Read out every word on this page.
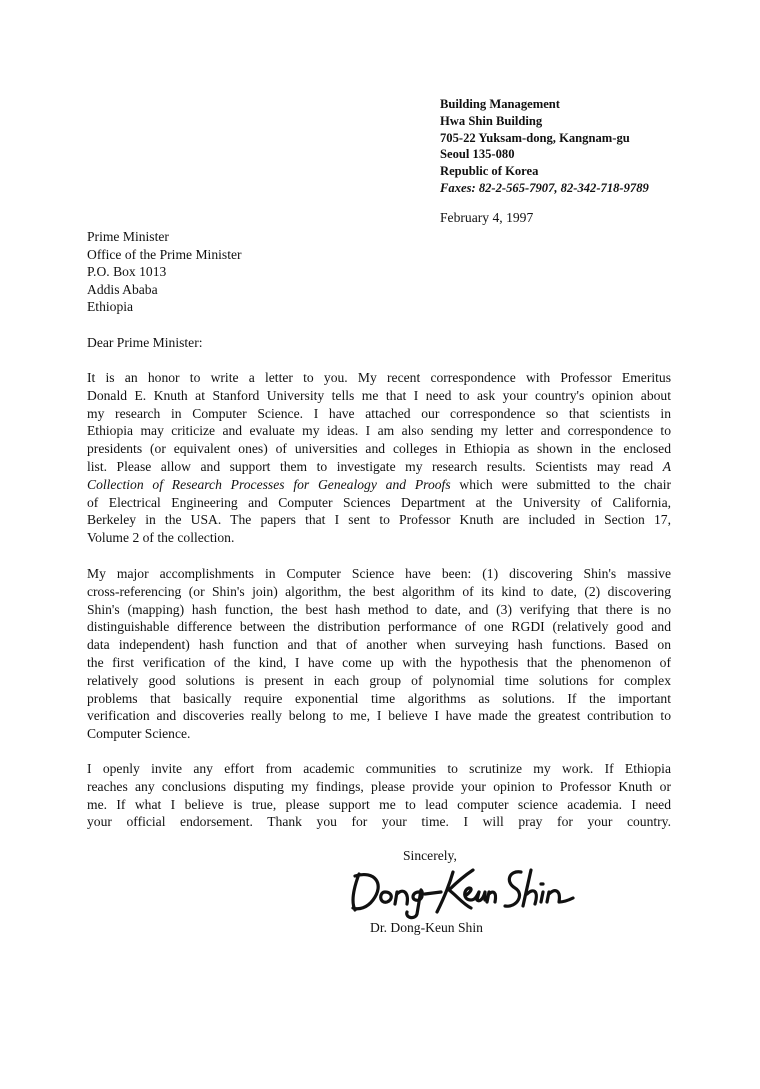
Building Management
Hwa Shin Building
705-22 Yuksam-dong, Kangnam-gu
Seoul 135-080
Republic of Korea
Faxes: 82-2-565-7907, 82-342-718-9789
February 4, 1997
Prime Minister
Office of the Prime Minister
P.O. Box 1013
Addis Ababa
Ethiopia
Dear Prime Minister:
It is an honor to write a letter to you. My recent correspondence with Professor Emeritus
Donald E. Knuth at Stanford University tells me that I need to ask your country's opinion about
my research in Computer Science. I have attached our correspondence so that scientists in
Ethiopia may criticize and evaluate my ideas. I am also sending my letter and correspondence to
presidents (or equivalent ones) of universities and colleges in Ethiopia as shown in the enclosed
list. Please allow and support them to investigate my research results. Scientists may read A
Collection of Research Processes for Genealogy and Proofs which were submitted to the chair
of Electrical Engineering and Computer Sciences Department at the University of California,
Berkeley in the USA. The papers that I sent to Professor Knuth are included in Section 17,
Volume 2 of the collection.
My major accomplishments in Computer Science have been: (1) discovering Shin's massive
cross-referencing (or Shin's join) algorithm, the best algorithm of its kind to date, (2) discovering
Shin's (mapping) hash function, the best hash method to date, and (3) verifying that there is no
distinguishable difference between the distribution performance of one RGDI (relatively good and
data independent) hash function and that of another when surveying hash functions. Based on
the first verification of the kind, I have come up with the hypothesis that the phenomenon of
relatively good solutions is present in each group of polynomial time solutions for complex
problems that basically require exponential time algorithms as solutions. If the important
verification and discoveries really belong to me, I believe I have made the greatest contribution to
Computer Science.
I openly invite any effort from academic communities to scrutinize my work. If Ethiopia
reaches any conclusions disputing my findings, please provide your opinion to Professor Knuth or
me. If what I believe is true, please support me to lead computer science academia. I need
your official endorsement. Thank you for your time. I will pray for your country.
Sincerely,
Dr. Dong-Keun Shin
